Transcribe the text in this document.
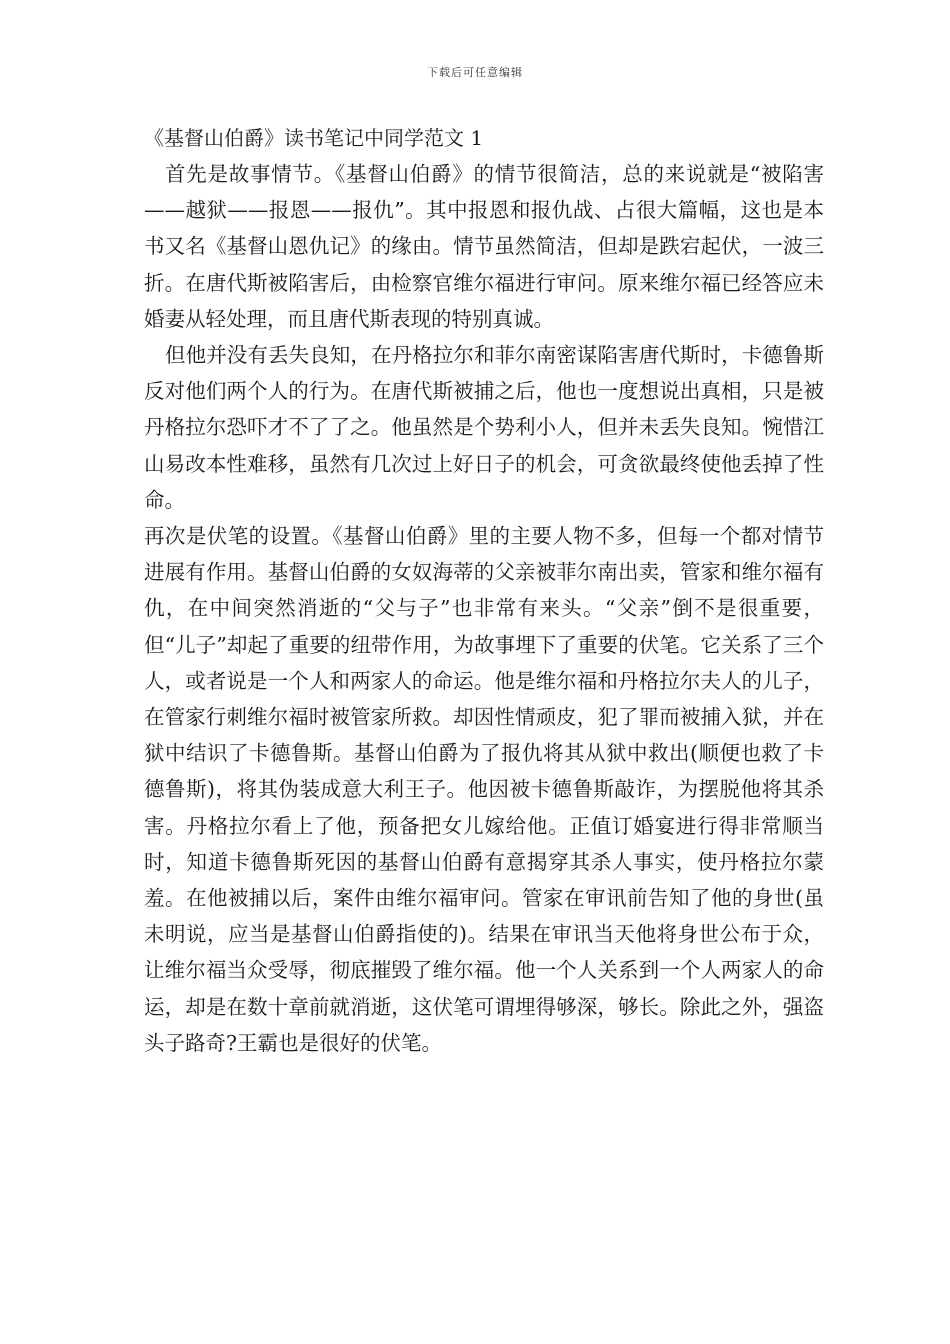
下载后可任意编辑
《基督山伯爵》读书笔记中同学范文 1

首先是故事情节。《基督山伯爵》的情节很简洁，总的来说就是“被陷害——越狱——报恩——报仇”。其中报恩和报仇战、占很大篇幅，这也是本书又名《基督山恩仇记》的缘由。情节虽然简洁，但却是跌宕起伏，一波三折。在唐代斯被陷害后，由检察官维尔福进行审问。原来维尔福已经答应未婚妻从轻处理，而且唐代斯表现的特别真诚。

但他并没有丢失良知，在丹格拉尔和菲尔南密谋陷害唐代斯时，卡德鲁斯反对他们两个人的行为。在唐代斯被捕之后，他也一度想说出真相，只是被丹格拉尔恐吓才不了了之。他虽然是个势利小人，但并未丢失良知。惋惜江山易改本性难移，虽然有几次过上好日子的机会，可贪欲最终使他丢掉了性命。

再次是伏笔的设置。《基督山伯爵》里的主要人物不多，但每一个都对情节进展有作用。基督山伯爵的女奴海蒂的父亲被菲尔南出卖，管家和维尔福有仇，在中间突然消逝的“父与子”也非常有来头。“父亲”倒不是很重要，但“儿子”却起了重要的纽带作用，为故事埋下了重要的伏笔。它关系了三个人，或者说是一个人和两家人的命运。他是维尔福和丹格拉尔夫人的儿子，在管家行刺维尔福时被管家所救。却因性情顽皮，犯了罪而被捕入狱，并在狱中结识了卡德鲁斯。基督山伯爵为了报仇将其从狱中救出(顺便也救了卡德鲁斯)，将其伪装成意大利王子。他因被卡德鲁斯敲诈，为摆脱他将其杀害。丹格拉尔看上了他，预备把女儿嫁给他。正值订婚宴进行得非常顺当时，知道卡德鲁斯死因的基督山伯爵有意揭穿其杀人事实，使丹格拉尔蒙羞。在他被捕以后，案件由维尔福审问。管家在审讯前告知了他的身世(虽未明说，应当是基督山伯爵指使的)。结果在审讯当天他将身世公布于众，让维尔福当众受辱，彻底摧毁了维尔福。他一个人关系到一个人两家人的命运，却是在数十章前就消逝，这伏笔可谓埋得够深，够长。除此之外，强盗头子路奇?王霸也是很好的伏笔。
